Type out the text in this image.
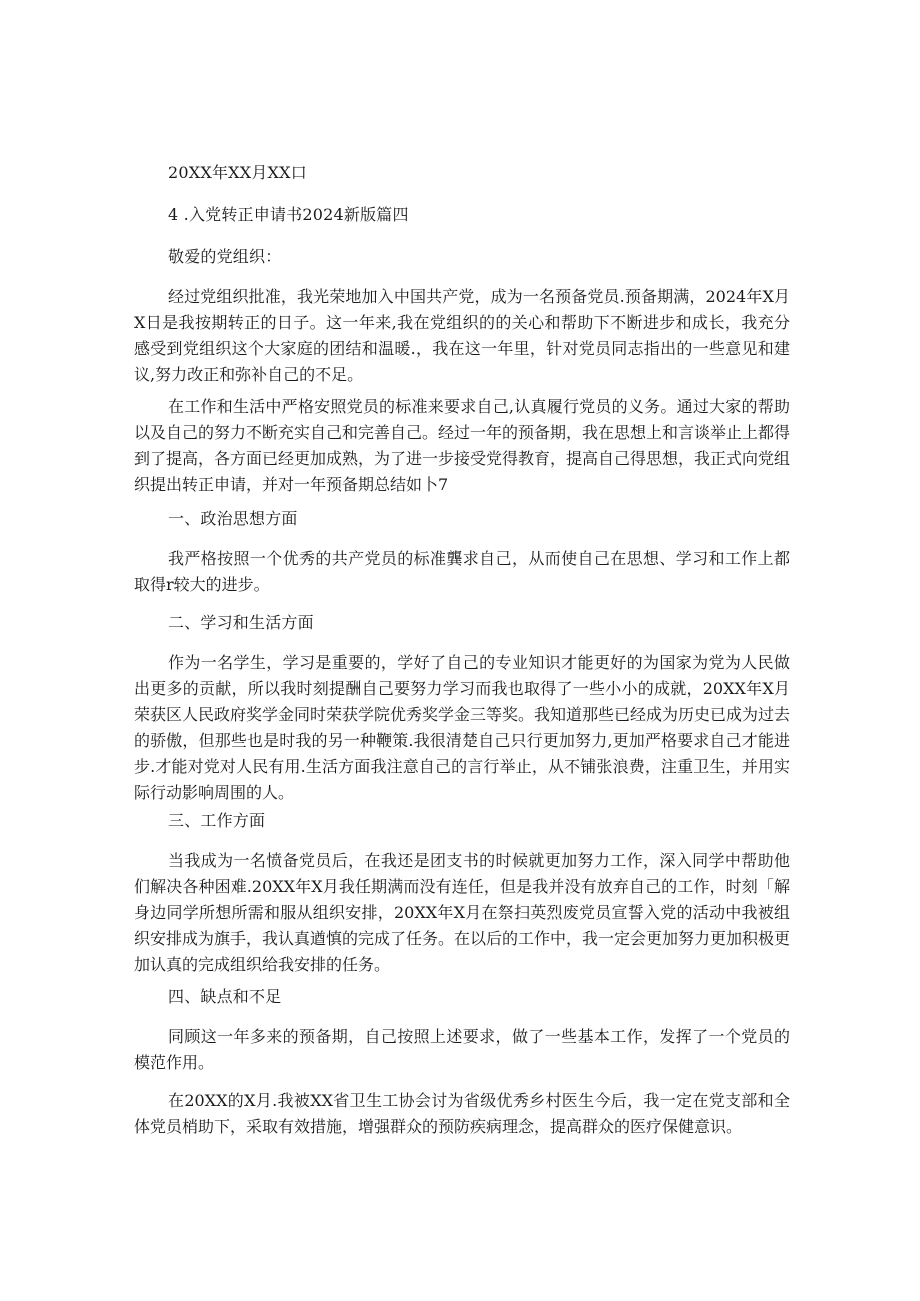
20XX年XX月XX口

4 .入党转正申请书2024新版篇四

敬爱的党组织：

经过党组织批准，我光荣地加入中国共产党，成为一名预备党员.预备期满，2024年X月X日是我按期转正的日子。这一年来,我在党组织的的关心和帮助下不断进步和成长，我充分感受到党组织这个大家庭的团结和温暖.，我在这一年里，针对党员同志指出的一些意见和建议,努力改正和弥补自己的不足。

在工作和生活中严格安照党员的标准来要求自己,认真履行党员的义务。通过大家的帮助以及自己的努力不断充实自己和完善自己。经过一年的预备期，我在思想上和言谈举止上都得到了提高，各方面已经更加成熟，为了进一步接受党得教育，提高自己得思想，我正式向党组织提出转正申请，并对一年预备期总结如卜7

一、政治思想方面

我严格按照一个优秀的共产党员的标准龔求自己，从而使自己在思想、学习和工作上都取得r较大的进步。

二、学习和生活方面

作为一名学生，学习是重要的，学好了自己的专业知识才能更好的为国家为党为人民做出更多的贡献，所以我时刻提酬自己要努力学习而我也取得了一些小小的成就，20XX年X月荣获区人民政府奖学金同时荣获学院优秀奖学金三等奖。我知道那些已经成为历史已成为过去的骄傲，但那些也是时我的另一种鞭策.我很清楚自己只行更加努力,更加严格要求自己才能进步.才能对党对人民有用.生活方面我注意自己的言行举止，从不铺张浪费，注重卫生，并用实际行动影响周围的人。

三、工作方面

当我成为一名愤备党员后，在我还是团支书的时候就更加努力工作，深入同学中帮助他们解决各种困难.20XX年X月我任期满而没有连任，但是我并没有放弃自己的工作，时刻「解身边同学所想所需和服从组织安排，20XX年X月在祭扫英烈废党员宣誓入党的活动中我被组织安排成为旗手，我认真遒慎的完成了任务。在以后的工作中，我一定会更加努力更加积极更加认真的完成组织给我安排的任务。

四、缺点和不足

同顾这一年多来的预备期，自己按照上述要求，做了一些基本工作，发挥了一个党员的模范作用。

在20XX的X月.我被XX省卫生工协会讨为省级优秀乡村医生今后，我一定在党支部和全体党员梢助下，采取有效措施，增强群众的预防疾病理念，提高群众的医疗保健意识。
